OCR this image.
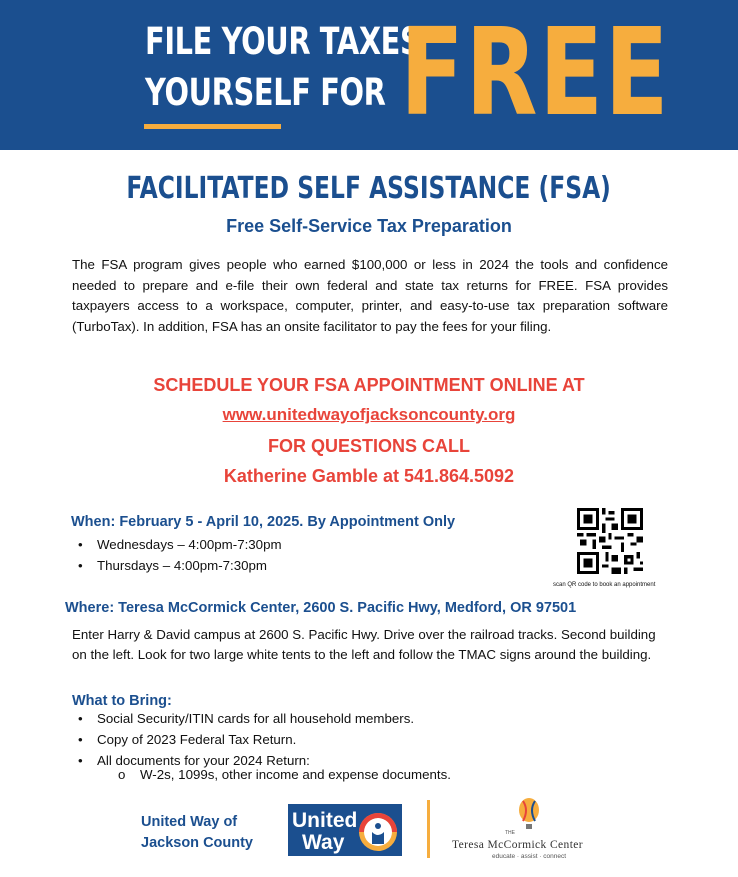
FILE YOUR TAXES
YOURSELF FOR FREE
FACILITATED SELF ASSISTANCE (FSA)
Free Self-Service Tax Preparation

The FSA program gives people who earned $100,000 or less in 2024 the tools and confidence needed to prepare and e-file their own federal and state tax returns for FREE. FSA provides taxpayers access to a workspace, computer, printer, and easy-to-use tax preparation software (TurboTax). In addition, FSA has an onsite facilitator to pay the fees for your filing.

SCHEDULE YOUR FSA APPOINTMENT ONLINE AT
www.unitedwayofjacksoncounty.org
FOR QUESTIONS CALL
Katherine Gamble at 541.864.5092
When: February 5 - April 10, 2025. By Appointment Only
• Wednesdays – 4:00pm-7:30pm
• Thursdays – 4:00pm-7:30pm
scan QR code to book an appointment
Where: Teresa McCormick Center, 2600 S. Pacific Hwy, Medford, OR 97501

Enter Harry & David campus at 2600 S. Pacific Hwy. Drive over the railroad tracks. Second building on the left. Look for two large white tents to the left and follow the TMAC signs around the building.

What to Bring:
• Social Security/ITIN cards for all household members.
• Copy of 2023 Federal Tax Return.
• All documents for your 2024 Return:
o W-2s, 1099s, other income and expense documents.
United Way of
Jackson County
United
Way	THE
Teresa McCormick Center
educate · assist · connect
